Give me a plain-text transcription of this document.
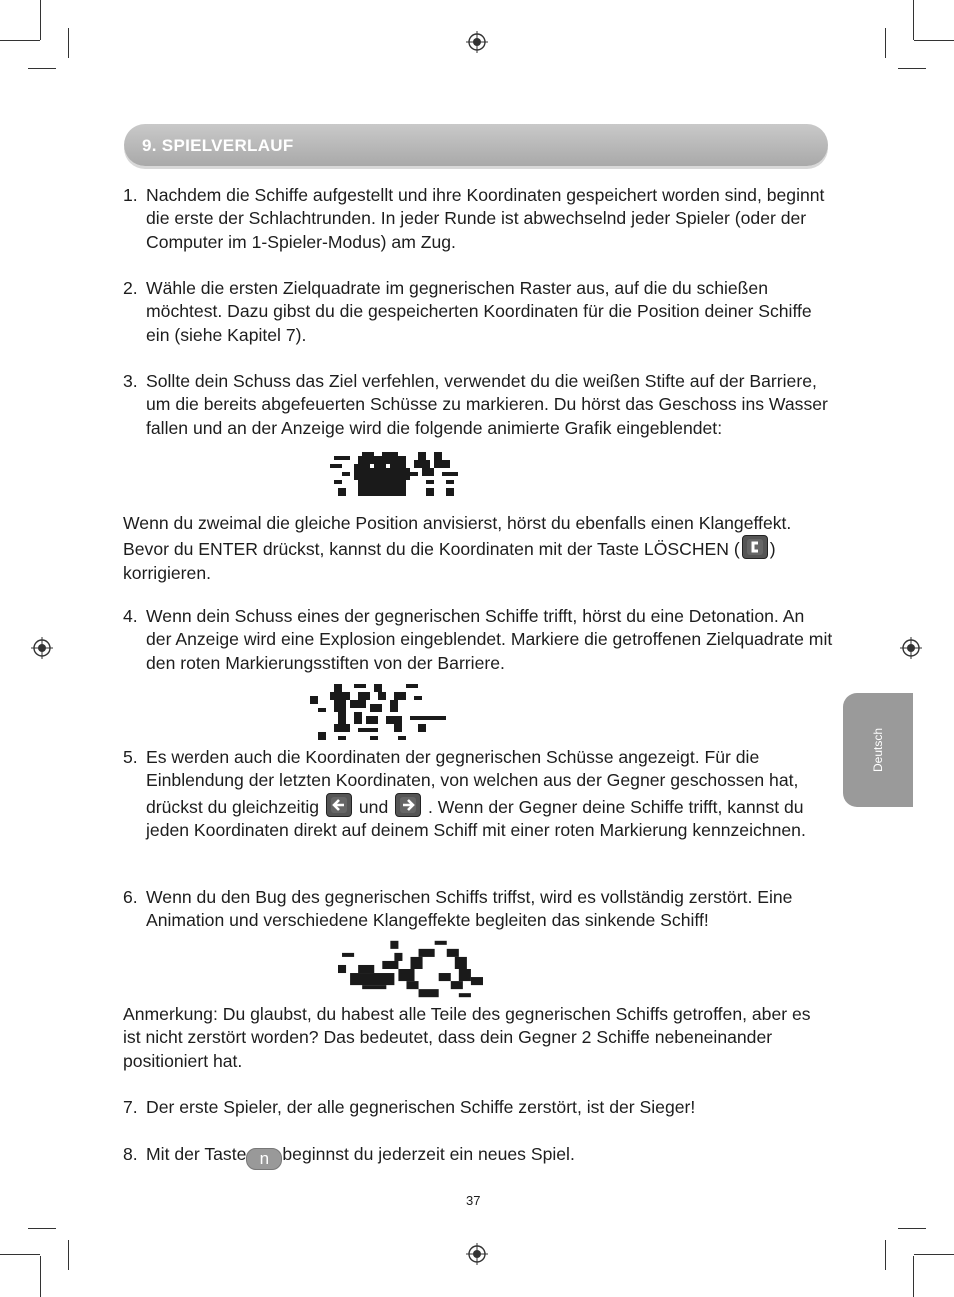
9. SPIELVERLAUF
Deutsch
1. Nachdem die Schiffe aufgestellt und ihre Koordinaten gespeichert worden sind, beginnt die erste der Schlachtrunden. In jeder Runde ist abwechselnd jeder Spieler (oder der Computer im 1-Spieler-Modus) am Zug.
2. Wähle die ersten Zielquadrate im gegnerischen Raster aus, auf die du schießen möchtest. Dazu gibst du die gespeicherten Koordinaten für die Position deiner Schiffe ein (siehe Kapitel 7).
3. Sollte dein Schuss das Ziel verfehlen, verwendet du die weißen Stifte auf der Barriere, um die bereits abgefeuerten Schüsse zu markieren. Du hörst das Geschoss ins Wasser fallen und an der Anzeige wird die folgende animierte Grafik eingeblendet:
Wenn du zweimal die gleiche Position anvisierst, hörst du ebenfalls einen Klangeffekt. Bevor du ENTER drückst, kannst du die Koordinaten mit der Taste LÖSCHEN ( ) korrigieren.
4. Wenn dein Schuss eines der gegnerischen Schiffe trifft, hörst du eine Detonation. An der Anzeige wird eine Explosion eingeblendet. Markiere die getroffenen Zielquadrate mit den roten Markierungsstiften von der Barriere.
5. Es werden auch die Koordinaten der gegnerischen Schüsse angezeigt. Für die Einblendung der letzten Koordinaten, von welchen aus der Gegner geschossen hat, drückst du gleichzeitig und . Wenn der Gegner deine Schiffe trifft, kannst du jeden Koordinaten direkt auf deinem Schiff mit einer roten Markierung kennzeichnen.
6. Wenn du den Bug des gegnerischen Schiffs triffst, wird es vollständig zerstört. Eine Animation und verschiedene Klangeffekte begleiten das sinkende Schiff!
Anmerkung: Du glaubst, du habest alle Teile des gegnerischen Schiffs getroffen, aber es ist nicht zerstört worden? Das bedeutet, dass dein Gegner 2 Schiffe nebeneinander positioniert hat.
7. Der erste Spieler, der alle gegnerischen Schiffe zerstört, ist der Sieger!
8. Mit der Taste n beginnst du jederzeit ein neues Spiel.
37
